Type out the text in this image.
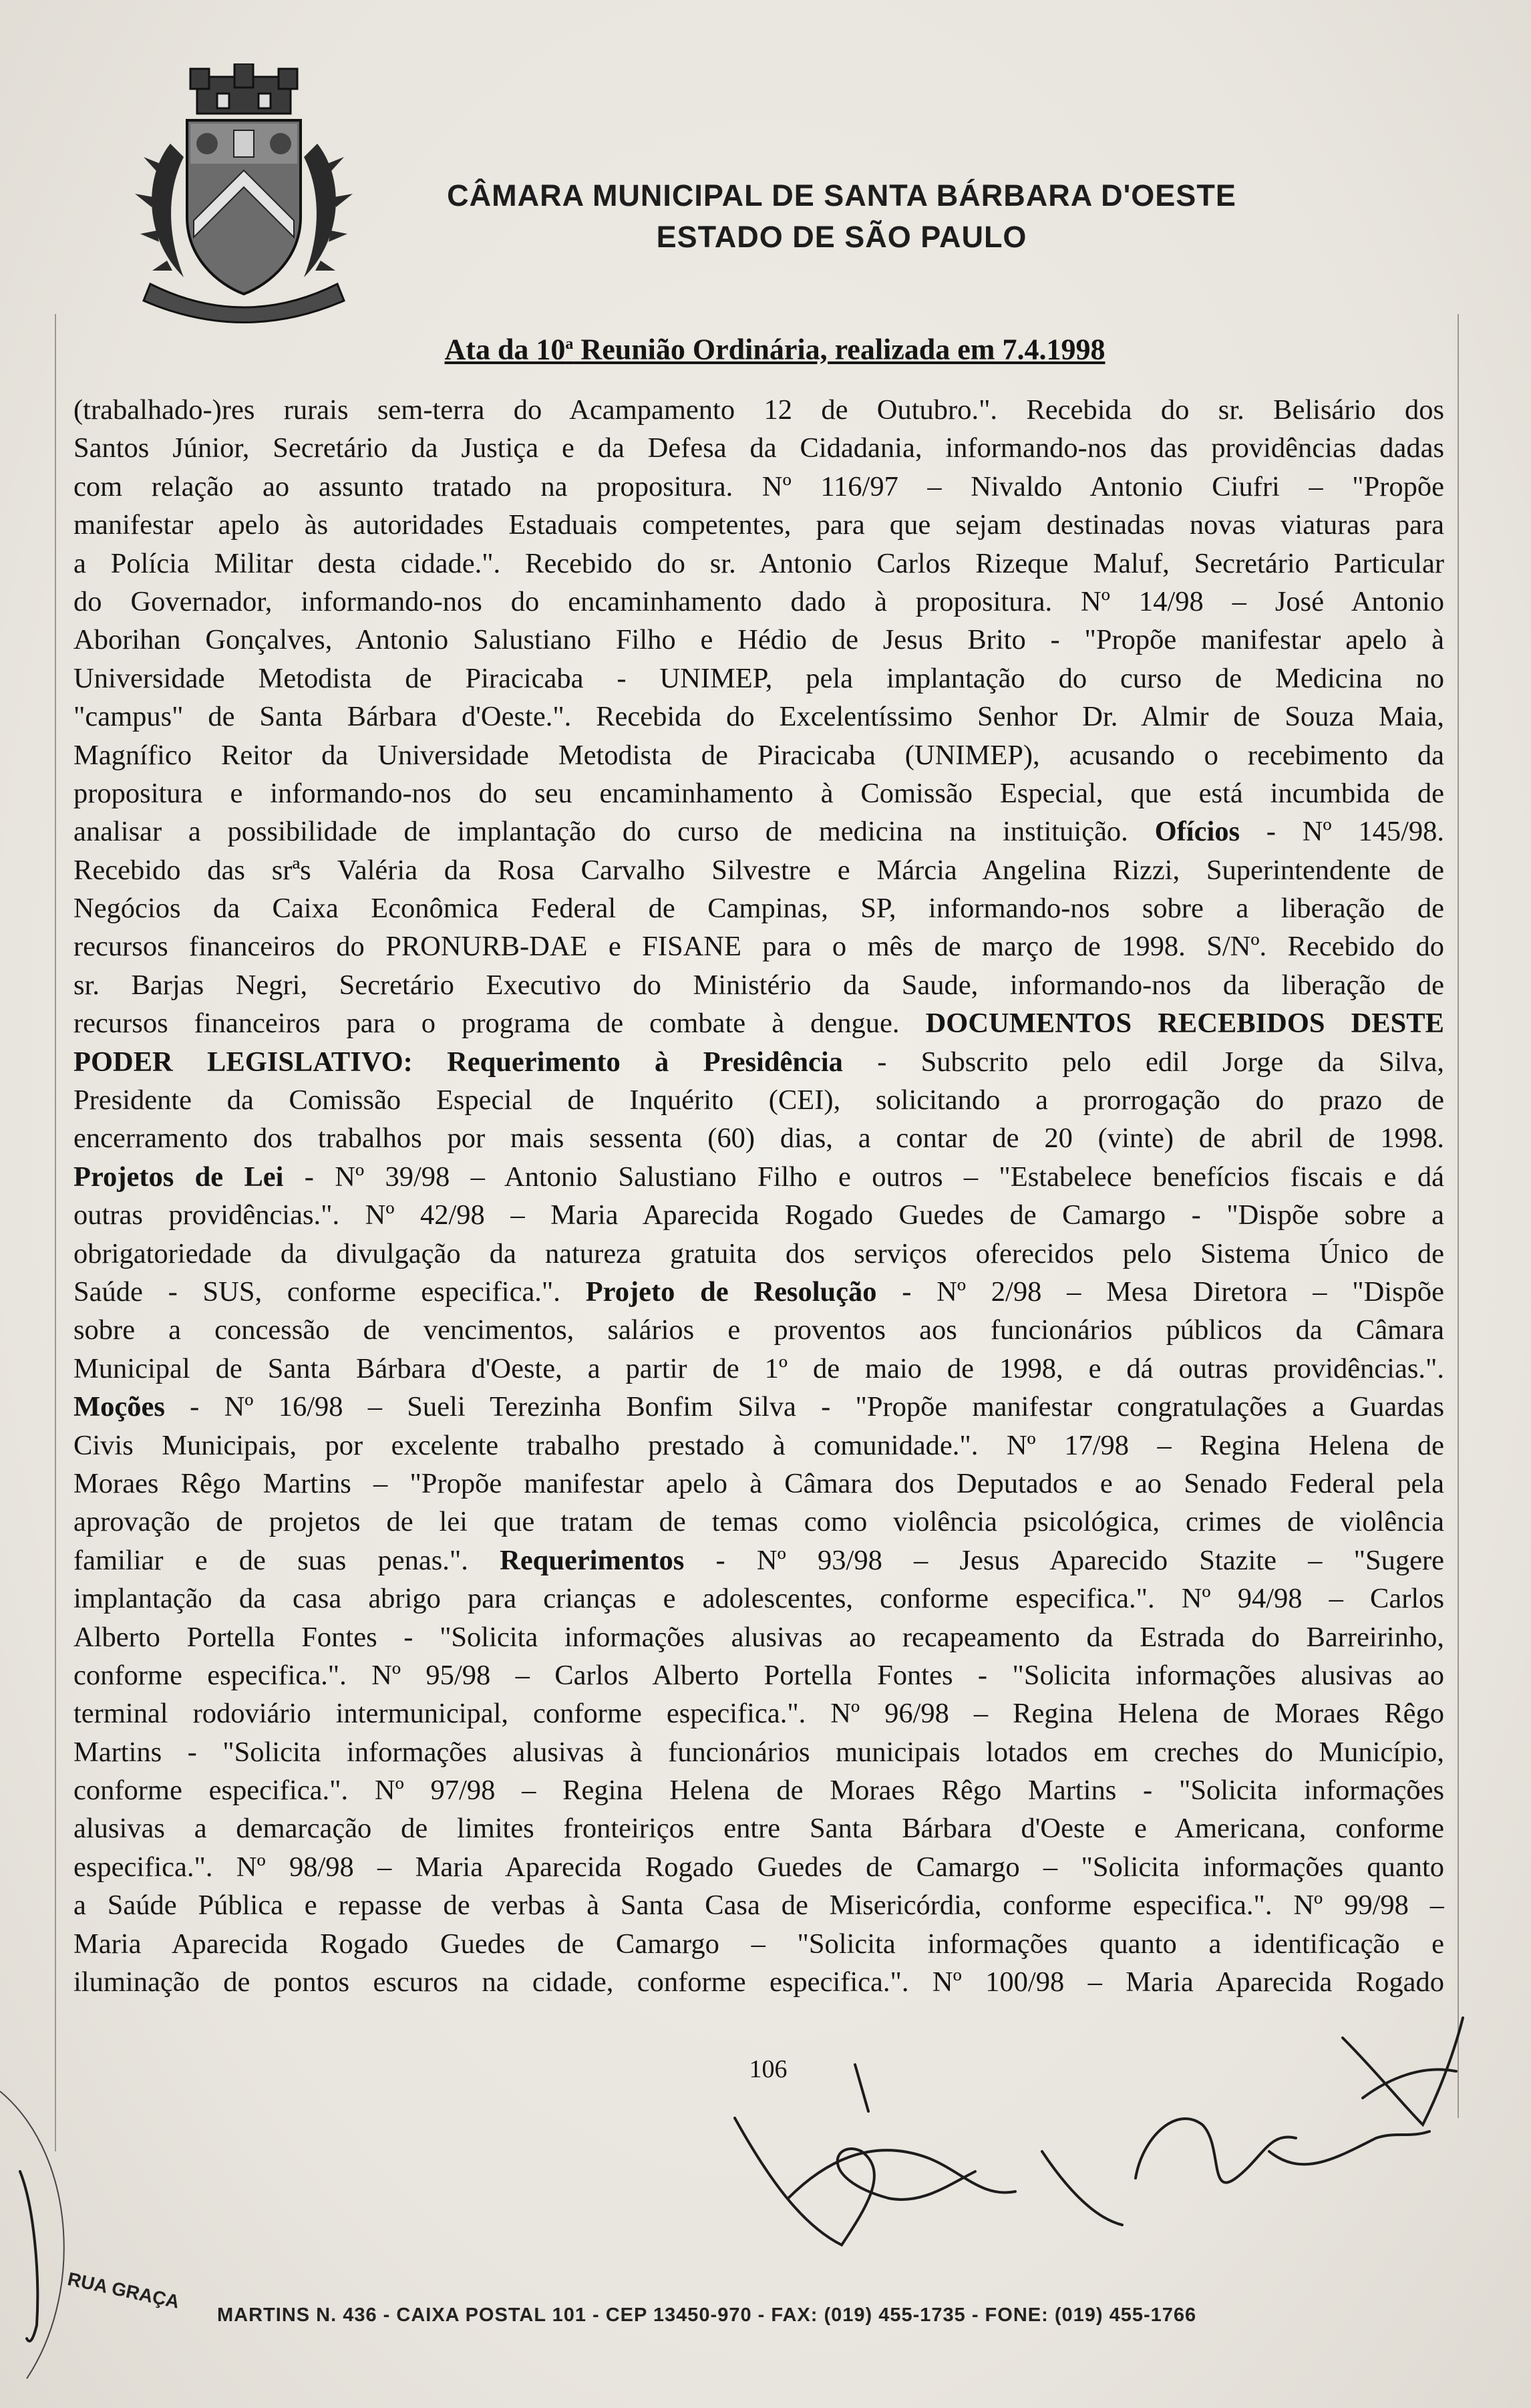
CÂMARA MUNICIPAL DE SANTA BÁRBARA D'OESTE
ESTADO DE SÃO PAULO
Ata da 10$^a$ Reunião Ordinária, realizada em 7.4.1998
(trabalhado-)res rurais sem-terra do Acampamento 12 de Outubro.". Recebida do sr. Belisário dos
Santos Júnior, Secretário da Justiça e da Defesa da Cidadania, informando-nos das providências dadas
com relação ao assunto tratado na propositura. Nº 116/97 – Nivaldo Antonio Ciufri – "Propõe
manifestar apelo às autoridades Estaduais competentes, para que sejam destinadas novas viaturas para
a Polícia Militar desta cidade.". Recebido do sr. Antonio Carlos Rizeque Maluf, Secretário Particular
do Governador, informando-nos do encaminhamento dado à propositura. Nº 14/98 – José Antonio
Aborihan Gonçalves, Antonio Salustiano Filho e Hédio de Jesus Brito - "Propõe manifestar apelo à
Universidade Metodista de Piracicaba - UNIMEP, pela implantação do curso de Medicina no
"campus" de Santa Bárbara d'Oeste.". Recebida do Excelentíssimo Senhor Dr. Almir de Souza Maia,
Magnífico Reitor da Universidade Metodista de Piracicaba (UNIMEP), acusando o recebimento da
propositura e informando-nos do seu encaminhamento à Comissão Especial, que está incumbida de
analisar a possibilidade de implantação do curso de medicina na instituição. Ofícios - Nº 145/98.
Recebido das srªs Valéria da Rosa Carvalho Silvestre e Márcia Angelina Rizzi, Superintendente de
Negócios da Caixa Econômica Federal de Campinas, SP, informando-nos sobre a liberação de
recursos financeiros do PRONURB-DAE e FISANE para o mês de março de 1998. S/Nº. Recebido do
sr. Barjas Negri, Secretário Executivo do Ministério da Saude, informando-nos da liberação de
recursos financeiros para o programa de combate à dengue. DOCUMENTOS RECEBIDOS DESTE
PODER LEGISLATIVO: Requerimento à Presidência - Subscrito pelo edil Jorge da Silva,
Presidente da Comissão Especial de Inquérito (CEI), solicitando a prorrogação do prazo de
encerramento dos trabalhos por mais sessenta (60) dias, a contar de 20 (vinte) de abril de 1998.
Projetos de Lei - Nº 39/98 – Antonio Salustiano Filho e outros – "Estabelece benefícios fiscais e dá
outras providências.". Nº 42/98 – Maria Aparecida Rogado Guedes de Camargo - "Dispõe sobre a
obrigatoriedade da divulgação da natureza gratuita dos serviços oferecidos pelo Sistema Único de
Saúde - SUS, conforme especifica.". Projeto de Resolução - Nº 2/98 – Mesa Diretora – "Dispõe
sobre a concessão de vencimentos, salários e proventos aos funcionários públicos da Câmara
Municipal de Santa Bárbara d'Oeste, a partir de 1º de maio de 1998, e dá outras providências.".
Moções - Nº 16/98 – Sueli Terezinha Bonfim Silva - "Propõe manifestar congratulações a Guardas
Civis Municipais, por excelente trabalho prestado à comunidade.". Nº 17/98 – Regina Helena de
Moraes Rêgo Martins – "Propõe manifestar apelo à Câmara dos Deputados e ao Senado Federal pela
aprovação de projetos de lei que tratam de temas como violência psicológica, crimes de violência
familiar e de suas penas.". Requerimentos - Nº 93/98 – Jesus Aparecido Stazite – "Sugere
implantação da casa abrigo para crianças e adolescentes, conforme especifica.". Nº 94/98 – Carlos
Alberto Portella Fontes - "Solicita informações alusivas ao recapeamento da Estrada do Barreirinho,
conforme especifica.". Nº 95/98 – Carlos Alberto Portella Fontes - "Solicita informações alusivas ao
terminal rodoviário intermunicipal, conforme especifica.". Nº 96/98 – Regina Helena de Moraes Rêgo
Martins - "Solicita informações alusivas à funcionários municipais lotados em creches do Município,
conforme especifica.". Nº 97/98 – Regina Helena de Moraes Rêgo Martins - "Solicita informações
alusivas a demarcação de limites fronteiriços entre Santa Bárbara d'Oeste e Americana, conforme
especifica.". Nº 98/98 – Maria Aparecida Rogado Guedes de Camargo – "Solicita informações quanto
a Saúde Pública e repasse de verbas à Santa Casa de Misericórdia, conforme especifica.". Nº 99/98 –
Maria Aparecida Rogado Guedes de Camargo – "Solicita informações quanto a identificação e
iluminação de pontos escuros na cidade, conforme especifica.". Nº 100/98 – Maria Aparecida Rogado
106
RUA GRAÇA
MARTINS N. 436 - CAIXA POSTAL 101 - CEP 13450-970 - FAX: (019) 455-1735 - FONE: (019) 455-1766
